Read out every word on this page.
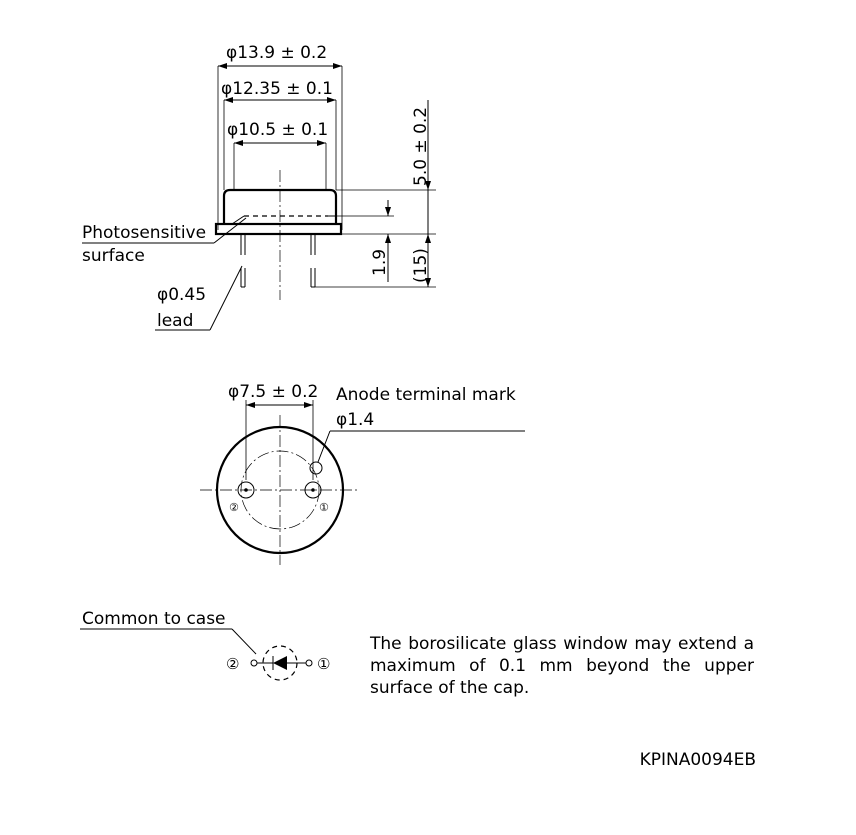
φ13.9 ± 0.2
φ12.35 ± 0.1
φ10.5 ± 0.1	5.0 ± 0.2
1.9 (15)
Photosensitive
surface
φ0.45
lead
φ7.5 ± 0.2 Anode terminal mark
φ1.4
②	①
Common to case
②	①

The borosilicate glass window may extend a maximum of 0.1 mm beyond the upper surface of the cap.

KPINA0094EB
